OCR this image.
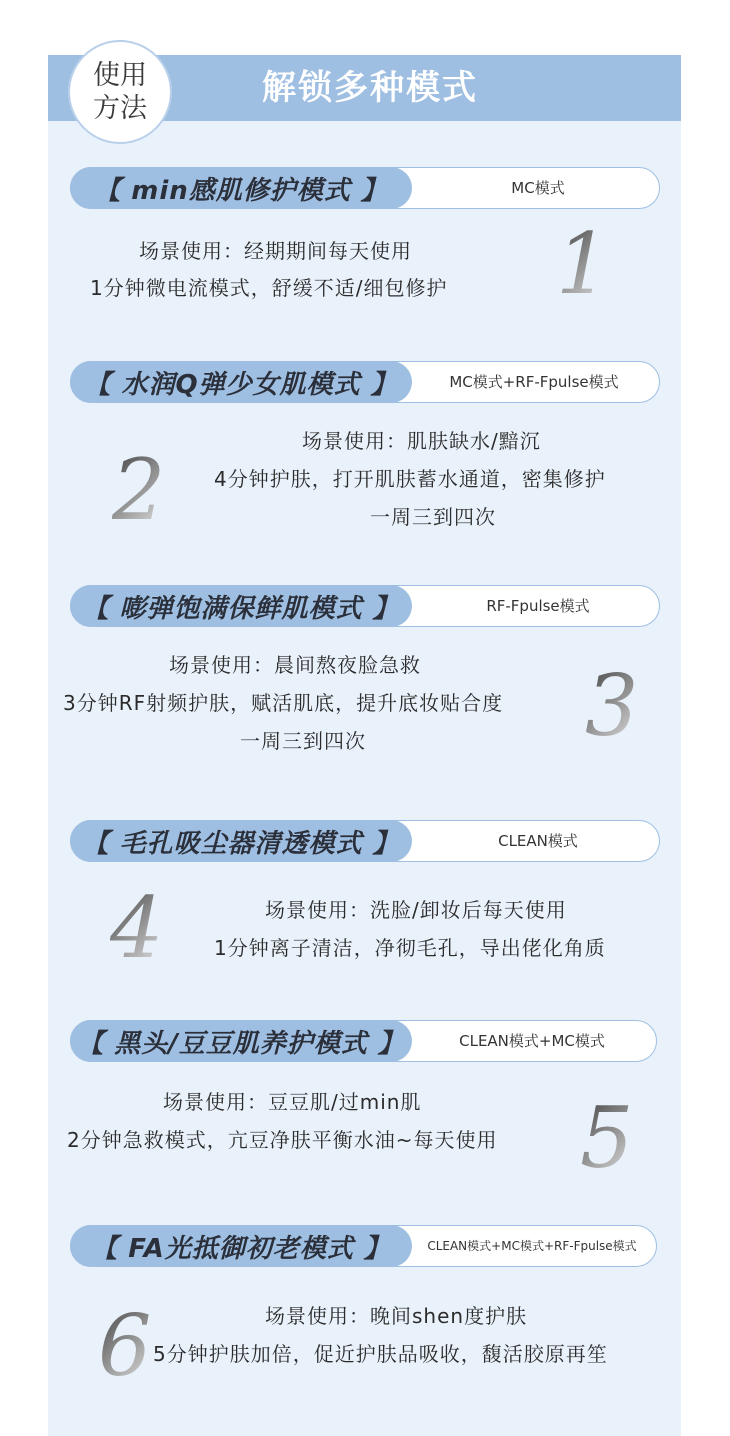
解锁多种模式
使用
方法
【 min感肌修护模式 】	MC模式
场景使用：经期期间每天使用
1分钟微电流模式，舒缓不适/细包修护 1
【 水润Q弹少女肌模式 】	MC模式+RF-Fpulse模式
场景使用：肌肤缺水/黯沉
4分钟护肤，打开肌肤蓄水通道，密集修护
一周三到四次
2
【 嘭弹饱满保鲜肌模式 】	RF-Fpulse模式
场景使用：晨间熬夜脸急救
3分钟RF射频护肤，赋活肌底，提升底妆贴合度
一周三到四次	3
【 毛孔吸尘器清透模式 】	CLEAN模式
场景使用：洗脸/卸妆后每天使用
1分钟离子清洁，净彻毛孔，导出佬化角质
4
【 黑头/豆豆肌养护模式 】	CLEAN模式+MC模式
场景使用：豆豆肌/过min肌
2分钟急救模式，亢豆净肤平衡水油~每天使用 5
【 FA光抵御初老模式 】	CLEAN模式+MC模式+RF-Fpulse模式
场景使用：晚间shen度护肤
5分钟护肤加倍，促近护肤品吸收，馥活胶原再笙
6
